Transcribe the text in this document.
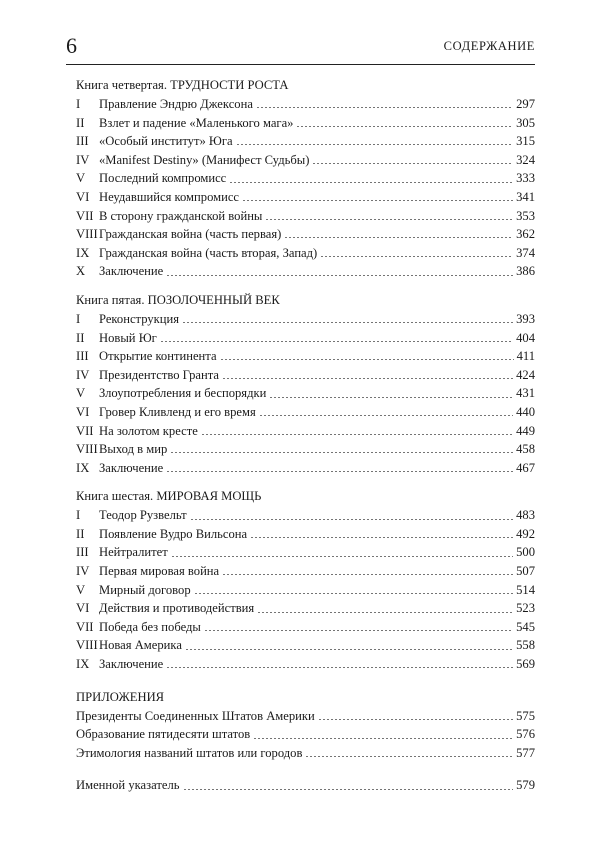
6	СОДЕРЖАНИЕ
Книга четвертая. ТРУДНОСТИ РОСТА
I	Правление Эндрю Джексона	297
II	Взлет и падение «Маленького мага»	305
III «Особый институт» Юга	315
IV «Manifest Destiny» (Манифест Судьбы)	324
V	Последний компромисс	333
VI Неудавшийся компромисс	341
VII В сторону гражданской войны	353
VIII Гражданская война (часть первая)	362
IX Гражданская война (часть вторая, Запад)	374
X	Заключение	386
Книга пятая. ПОЗОЛОЧЕННЫЙ ВЕК
I	Реконструкция	393
II	Новый Юг	404
III Открытие континента	411
IV Президентство Гранта	424
V	Злоупотребления и беспорядки	431
VI Гровер Кливленд и его время	440
VII На золотом кресте	449
VIII Выход в мир	458
IX Заключение	467
Книга шестая. МИРОВАЯ МОЩЬ
I	Теодор Рузвельт	483
II	Появление Вудро Вильсона	492
III Нейтралитет	500
IV Первая мировая война	507
V	Мирный договор	514
VI Действия и противодействия	523
VII Победа без победы	545
VIII Новая Америка	558
IX Заключение	569
ПРИЛОЖЕНИЯ
Президенты Соединенных Штатов Америки	575
Образование пятидесяти штатов	576
Этимология названий штатов или городов	577
Именной указатель	579
